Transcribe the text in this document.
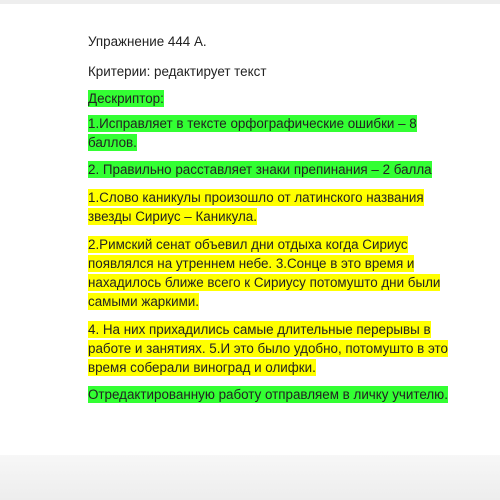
Упражнение 444 А.

Критерии: редактирует текст

Дескриптор:

1.Исправляет в тексте орфографические ошибки – 8 баллов.

2. Правильно расставляет знаки препинания – 2 балла

1.Слово каникулы произошло от латинского названия звезды Сириус – Каникула.

2.Римский сенат объевил дни отдыха когда Сириус появлялся на утреннем небе. 3.Сонце в это время и нахадилось ближе всего к Сириусу потомушто дни были самыми жаркими.

4. На них прихадились самые длительные перерывы в работе и занятиях. 5.И это было удобно, потомушто в это время соберали виноград и олифки.

Отредактированную работу отправляем в личку учителю.
